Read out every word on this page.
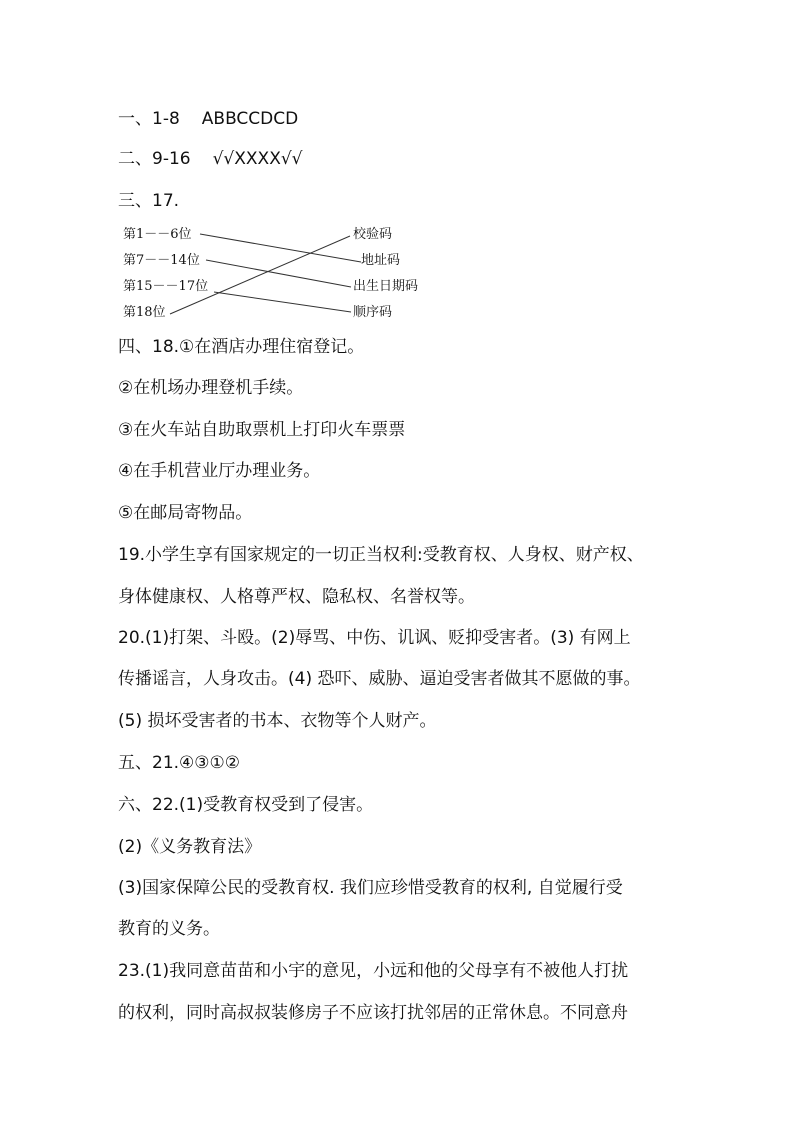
一、1-8 ABBCCDCD
二、9-16 √√XXXX√√
三、17.
第1－－6位
第7－－14位
第15－－17位
第18位
校验码
地址码
出生日期码
顺序码
四、18.①在酒店办理住宿登记。
②在机场办理登机手续。
③在火车站自助取票机上打印火车票票
④在手机营业厅办理业务。
⑤在邮局寄物品。
19.小学生享有国家规定的一切正当权利:受教育权、人身权、财产权、
身体健康权、人格尊严权、隐私权、名誉权等。
20.(1)打架、斗殴。(2)辱骂、中伤、讥讽、贬抑受害者。(3) 有网上
传播谣言，人身攻击。(4) 恐吓、威胁、逼迫受害者做其不愿做的事。
(5) 损坏受害者的书本、衣物等个人财产。
五、21.④③①②
六、22.(1)受教育权受到了侵害。
(2)《义务教育法》
(3)国家保障公民的受教育权. 我们应珍惜受教育的权利, 自觉履行受
教育的义务。
23.(1)我同意苗苗和小宇的意见，小远和他的父母享有不被他人打扰
的权利，同时高叔叔装修房子不应该打扰邻居的正常休息。不同意舟
